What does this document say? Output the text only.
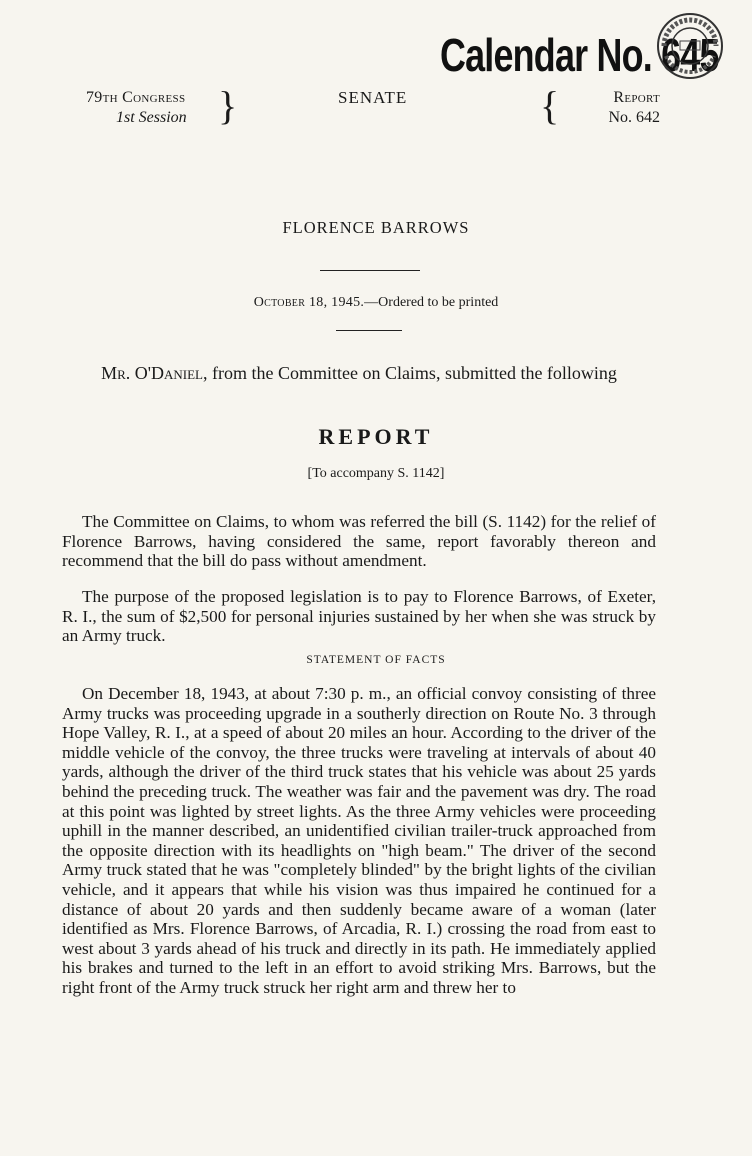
Calendar No. 645
79th Congress
1st Session }	SENATE	{	Report
No. 642
FLORENCE BARROWS
October 18, 1945.—Ordered to be printed
Mr. O'Daniel, from the Committee on Claims, submitted the following
REPORT
[To accompany S. 1142]

The Committee on Claims, to whom was referred the bill (S. 1142) for the relief of Florence Barrows, having considered the same, report favorably thereon and recommend that the bill do pass without amendment.

The purpose of the proposed legislation is to pay to Florence Barrows, of Exeter, R. I., the sum of $2,500 for personal injuries sustained by her when she was struck by an Army truck.

STATEMENT OF FACTS

On December 18, 1943, at about 7:30 p. m., an official convoy consisting of three Army trucks was proceeding upgrade in a southerly direction on Route No. 3 through Hope Valley, R. I., at a speed of about 20 miles an hour. According to the driver of the middle vehicle of the convoy, the three trucks were traveling at intervals of about 40 yards, although the driver of the third truck states that his vehicle was about 25 yards behind the preceding truck. The weather was fair and the pavement was dry. The road at this point was lighted by street lights. As the three Army vehicles were proceeding uphill in the manner described, an unidentified civilian trailer-truck approached from the opposite direction with its headlights on "high beam." The driver of the second Army truck stated that he was "completely blinded" by the bright lights of the civilian vehicle, and it appears that while his vision was thus impaired he continued for a distance of about 20 yards and then suddenly became aware of a woman (later identified as Mrs. Florence Barrows, of Arcadia, R. I.) crossing the road from east to west about 3 yards ahead of his truck and directly in its path. He immediately applied his brakes and turned to the left in an effort to avoid striking Mrs. Barrows, but the right front of the Army truck struck her right arm and threw her to
